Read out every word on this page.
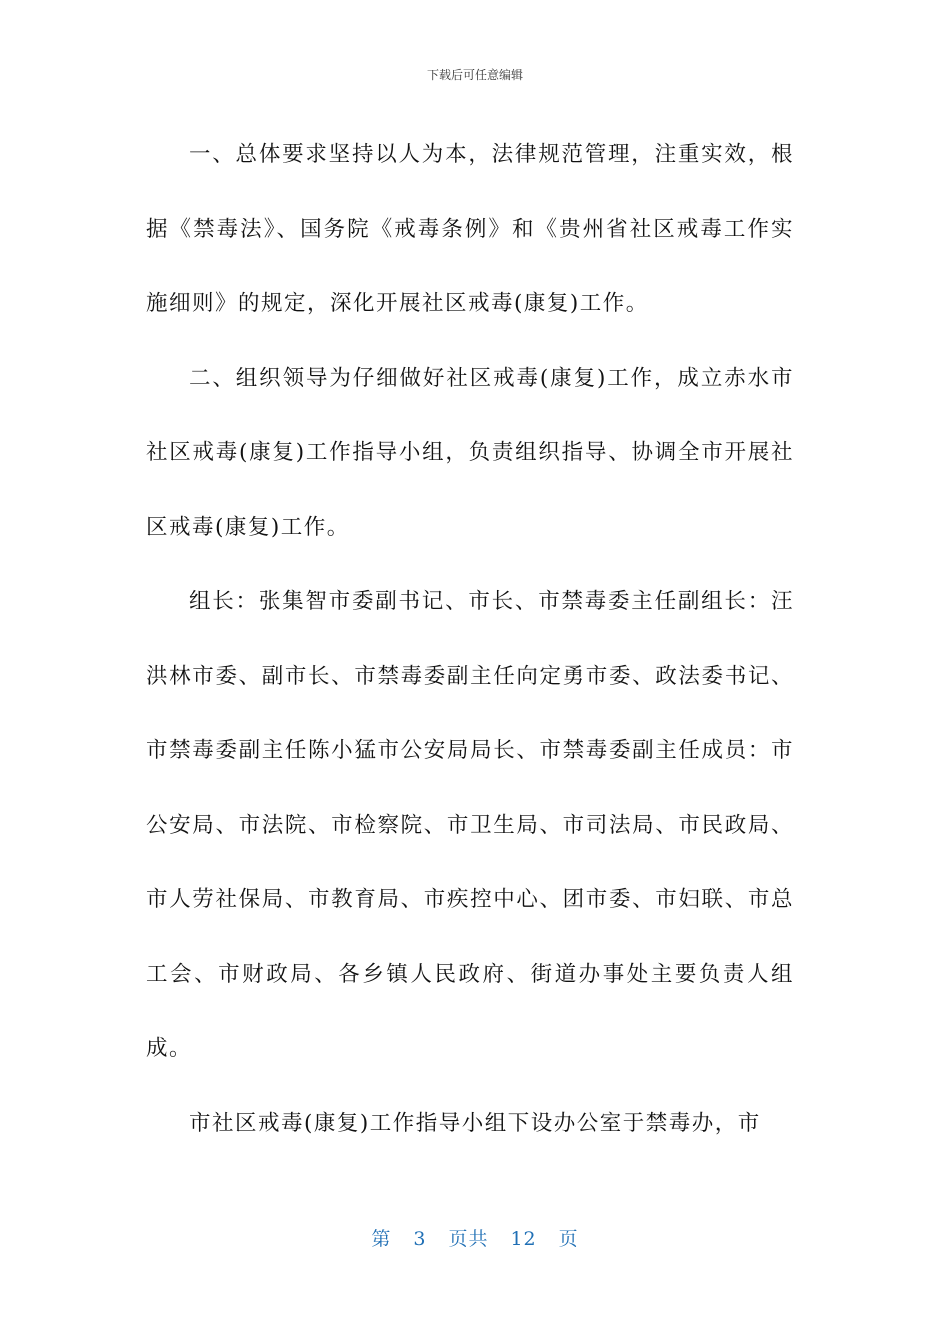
下载后可任意编辑

一、总体要求坚持以人为本，法律规范管理，注重实效，根据《禁毒法》、国务院《戒毒条例》和《贵州省社区戒毒工作实施细则》的规定，深化开展社区戒毒(康复)工作。

二、组织领导为仔细做好社区戒毒(康复)工作，成立赤水市社区戒毒(康复)工作指导小组，负责组织指导、协调全市开展社区戒毒(康复)工作。

组长：张集智市委副书记、市长、市禁毒委主任副组长：汪洪林市委、副市长、市禁毒委副主任向定勇市委、政法委书记、市禁毒委副主任陈小猛市公安局局长、市禁毒委副主任成员：市公安局、市法院、市检察院、市卫生局、市司法局、市民政局、市人劳社保局、市教育局、市疾控中心、团市委、市妇联、市总工会、市财政局、各乡镇人民政府、街道办事处主要负责人组成。

市社区戒毒(康复)工作指导小组下设办公室于禁毒办，市

第 3 页共 12 页
